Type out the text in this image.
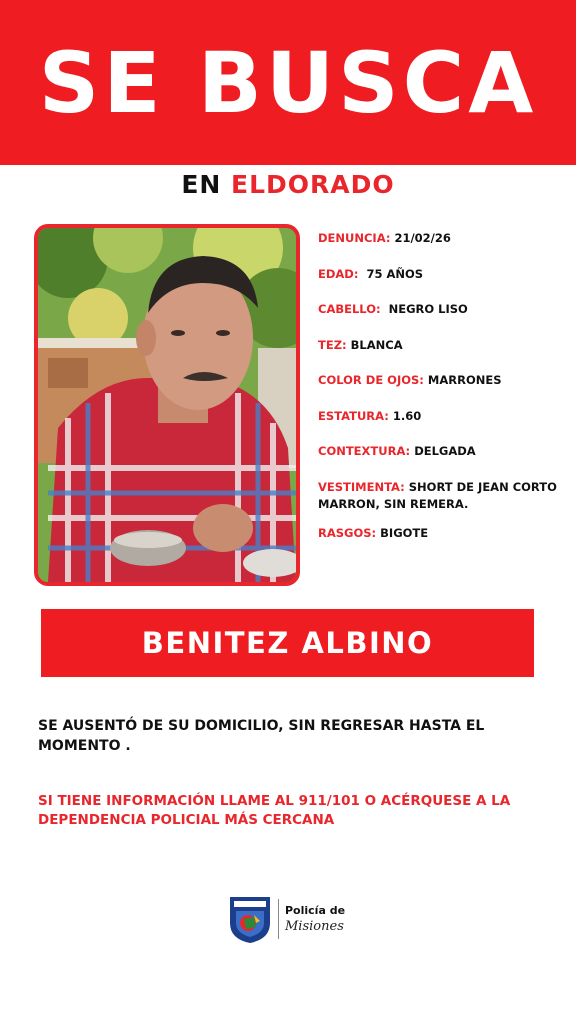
SE BUSCA
EN ELDORADO
DENUNCIA: 21/02/26
EDAD: 75 AÑOS
CABELLO: NEGRO LISO
TEZ: BLANCA
COLOR DE OJOS: MARRONES
ESTATURA: 1.60
CONTEXTURA: DELGADA
VESTIMENTA: SHORT DE JEAN CORTO MARRON, SIN REMERA.
RASGOS: BIGOTE
BENITEZ ALBINO
SE AUSENTÓ DE SU DOMICILIO, SIN REGRESAR HASTA EL MOMENTO .
SI TIENE INFORMACIÓN LLAME AL 911/101 O ACÉRQUESE A LA DEPENDENCIA POLICIAL MÁS CERCANA
Policía de
Misiones
